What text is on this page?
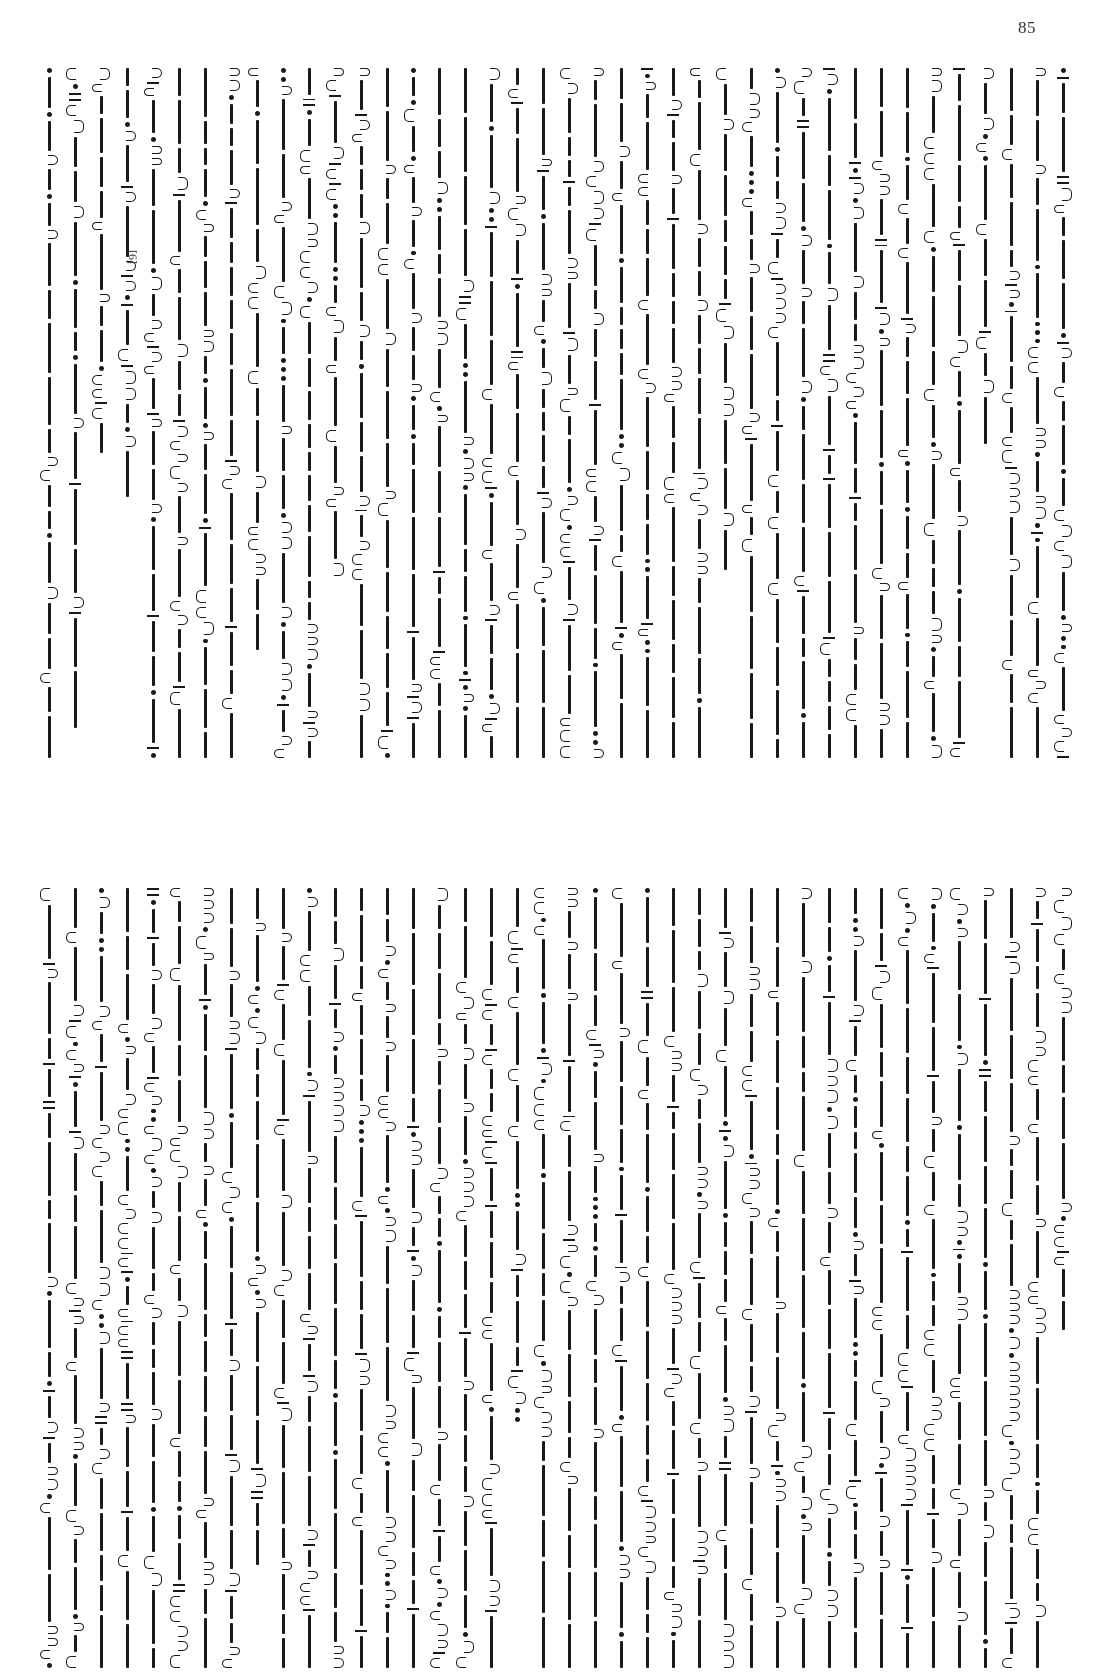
85
[6]
